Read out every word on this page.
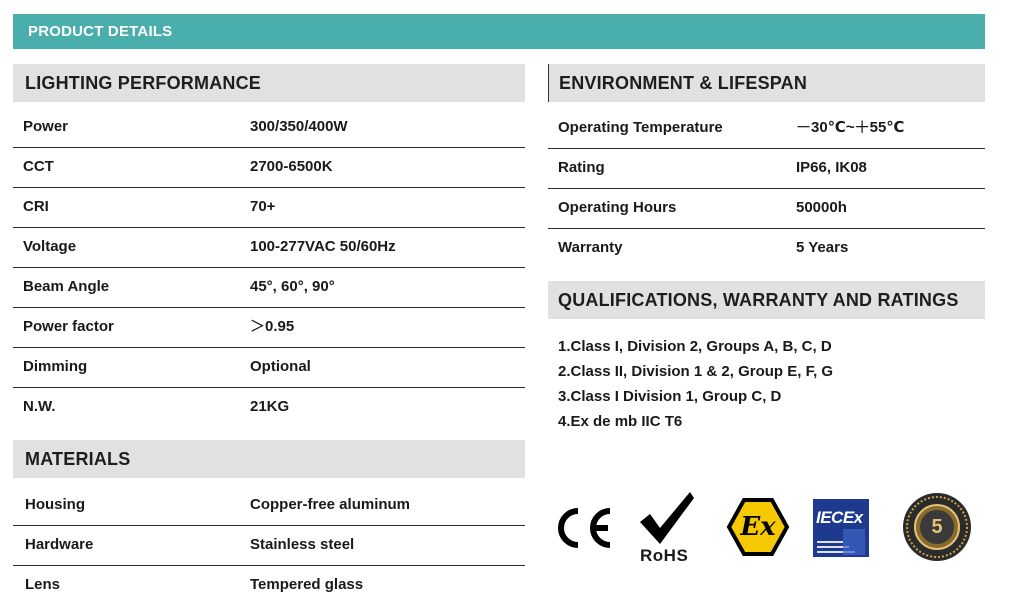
PRODUCT DETAILS
LIGHTING PERFORMANCE
Power	300/350/400W
CCT	2700-6500K
CRI	70+
Voltage	100-277VAC 50/60Hz
Beam Angle	45°, 60°, 90°
Power factor	＞0.95
Dimming	Optional
N.W.	21KG
MATERIALS
Housing	Copper-free aluminum
Hardware	Stainless steel
Lens	Tempered glass
ENVIRONMENT & LIFESPAN
Operating Temperature	－30℃~＋55℃
Rating	IP66, IK08
Operating Hours	50000h
Warranty	5 Years
QUALIFICATIONS, WARRANTY AND RATINGS
1.Class I, Division 2, Groups A, B, C, D
2.Class II, Division 1 & 2, Group E, F, G
3.Class I Division 1, Group C, D
4.Ex de mb IIC T6
RoHS
Ex	IECEx	5
